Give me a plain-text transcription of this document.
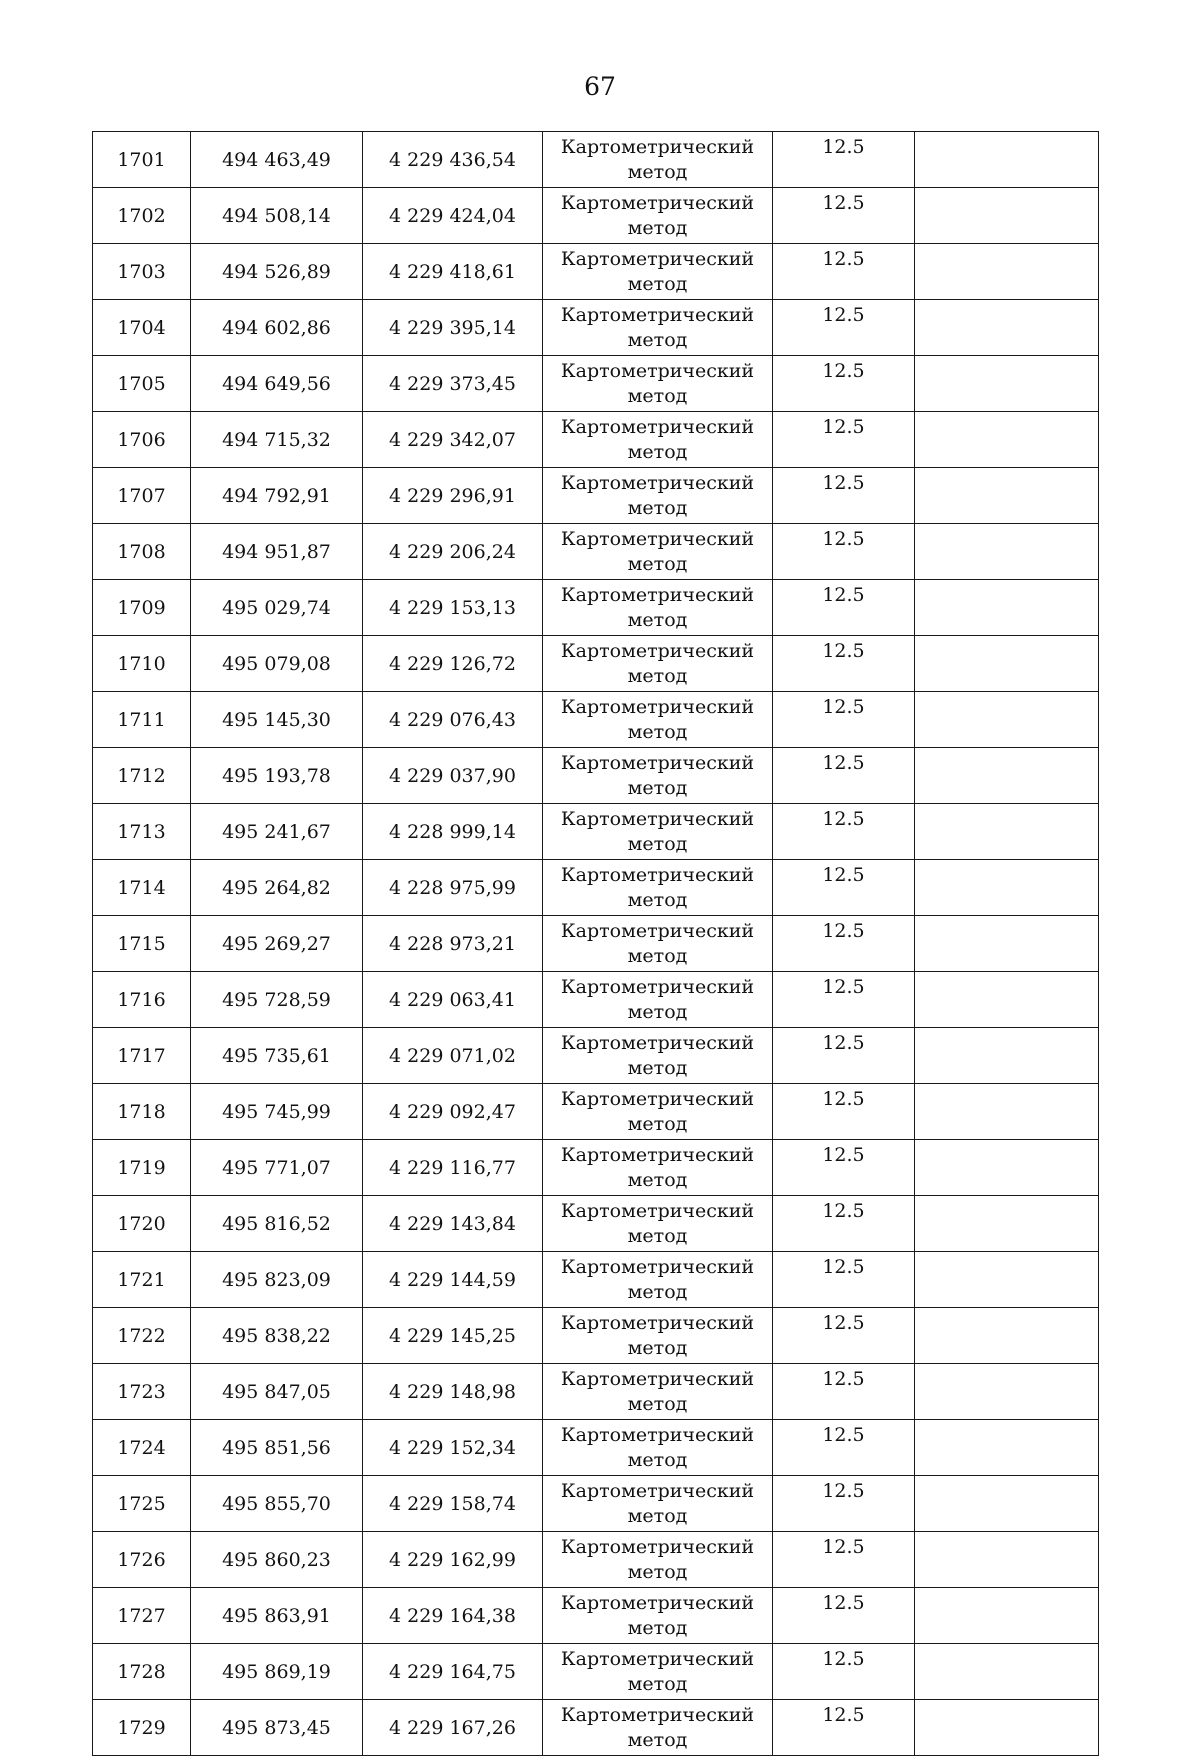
67
1701	494 463,49	4 229 436,54	Картометрический метод	12.5	
1702	494 508,14	4 229 424,04	Картометрический метод	12.5	
1703	494 526,89	4 229 418,61	Картометрический метод	12.5	
1704	494 602,86	4 229 395,14	Картометрический метод	12.5	
1705	494 649,56	4 229 373,45	Картометрический метод	12.5	
1706	494 715,32	4 229 342,07	Картометрический метод	12.5	
1707	494 792,91	4 229 296,91	Картометрический метод	12.5	
1708	494 951,87	4 229 206,24	Картометрический метод	12.5	
1709	495 029,74	4 229 153,13	Картометрический метод	12.5	
1710	495 079,08	4 229 126,72	Картометрический метод	12.5	
1711	495 145,30	4 229 076,43	Картометрический метод	12.5	
1712	495 193,78	4 229 037,90	Картометрический метод	12.5	
1713	495 241,67	4 228 999,14	Картометрический метод	12.5	
1714	495 264,82	4 228 975,99	Картометрический метод	12.5	
1715	495 269,27	4 228 973,21	Картометрический метод	12.5	
1716	495 728,59	4 229 063,41	Картометрический метод	12.5	
1717	495 735,61	4 229 071,02	Картометрический метод	12.5	
1718	495 745,99	4 229 092,47	Картометрический метод	12.5	
1719	495 771,07	4 229 116,77	Картометрический метод	12.5	
1720	495 816,52	4 229 143,84	Картометрический метод	12.5	
1721	495 823,09	4 229 144,59	Картометрический метод	12.5	
1722	495 838,22	4 229 145,25	Картометрический метод	12.5	
1723	495 847,05	4 229 148,98	Картометрический метод	12.5	
1724	495 851,56	4 229 152,34	Картометрический метод	12.5	
1725	495 855,70	4 229 158,74	Картометрический метод	12.5	
1726	495 860,23	4 229 162,99	Картометрический метод	12.5	
1727	495 863,91	4 229 164,38	Картометрический метод	12.5	
1728	495 869,19	4 229 164,75	Картометрический метод	12.5	
1729	495 873,45	4 229 167,26	Картометрический метод	12.5	
